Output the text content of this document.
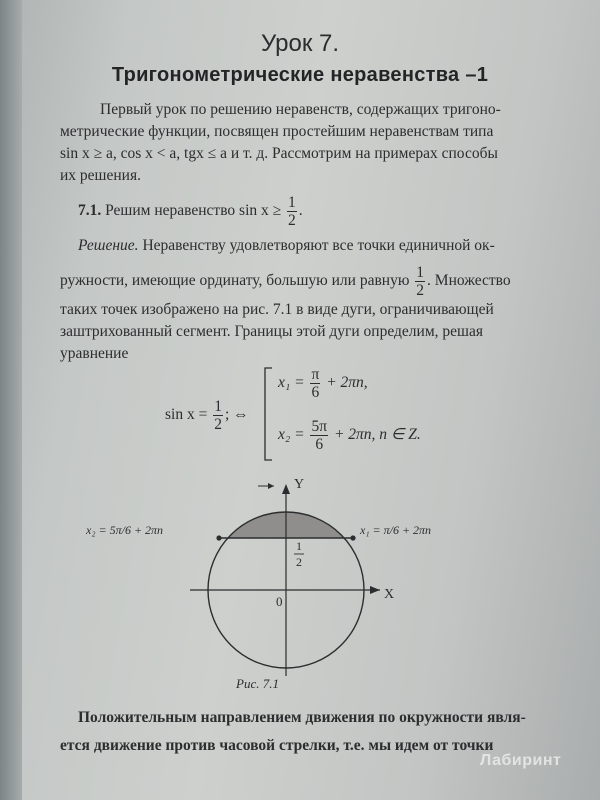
Урок 7.
Тригонометрические неравенства –1
Первый урок по решению неравенств, содержащих тригоно-
метрические функции, посвящен простейшим неравенствам типа
sin x ≥ a, cos x < a, tgx ≤ a и т. д. Рассмотрим на примерах способы
их решения.
7.1. Решим неравенство $\sin x \ge \frac{1}{2}$ .
Решение. Неравенству удовлетворяют все точки единичной ок-
ружности, имеющие ординату, большую или равную $\frac{1}{2}$ . Множество
таких точек изображено на рис. 7.1 в виде дуги, ограничивающей
заштрихованный сегмент. Границы этой дуги определим, решая
уравнение
$\sin x = \frac{1}{2}$ ; ⇔
$x_1 = \frac{\pi}{6} + 2\pi n$,
$x_2 = \frac{5\pi}{6} + 2\pi n$, n ∈ Z.
Y
X
0
1
2
x₂ = 5π/6 + 2πn	x₁ = π/6 + 2πn
Рис. 7.1
Положительным направлением движения по окружности явля-
ется движение против часовой стрелки, т.е. мы идем от точки
Лабиринт
